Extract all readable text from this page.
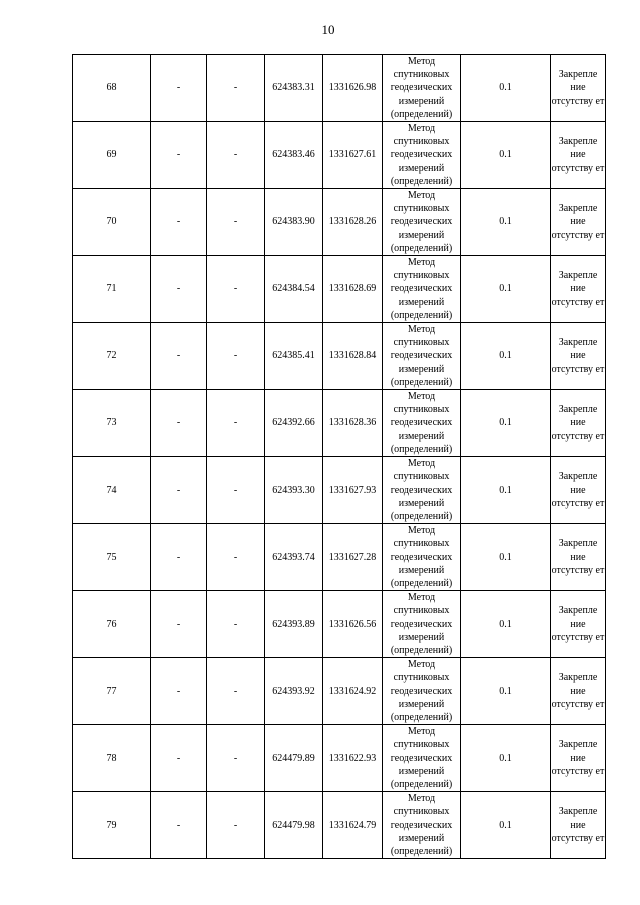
10
68	-	-	624383.31	1331626.98	Метод спутниковых геодезических измерений (определений)	0.1	Закрепле ние отсутству ет
69	-	-	624383.46	1331627.61	Метод спутниковых геодезических измерений (определений)	0.1	Закрепле ние отсутству ет
70	-	-	624383.90	1331628.26	Метод спутниковых геодезических измерений (определений)	0.1	Закрепле ние отсутству ет
71	-	-	624384.54	1331628.69	Метод спутниковых геодезических измерений (определений)	0.1	Закрепле ние отсутству ет
72	-	-	624385.41	1331628.84	Метод спутниковых геодезических измерений (определений)	0.1	Закрепле ние отсутству ет
73	-	-	624392.66	1331628.36	Метод спутниковых геодезических измерений (определений)	0.1	Закрепле ние отсутству ет
74	-	-	624393.30	1331627.93	Метод спутниковых геодезических измерений (определений)	0.1	Закрепле ние отсутству ет
75	-	-	624393.74	1331627.28	Метод спутниковых геодезических измерений (определений)	0.1	Закрепле ние отсутству ет
76	-	-	624393.89	1331626.56	Метод спутниковых геодезических измерений (определений)	0.1	Закрепле ние отсутству ет
77	-	-	624393.92	1331624.92	Метод спутниковых геодезических измерений (определений)	0.1	Закрепле ние отсутству ет
78	-	-	624479.89	1331622.93	Метод спутниковых геодезических измерений (определений)	0.1	Закрепле ние отсутству ет
79	-	-	624479.98	1331624.79	Метод спутниковых геодезических измерений (определений)	0.1	Закрепле ние отсутству ет
